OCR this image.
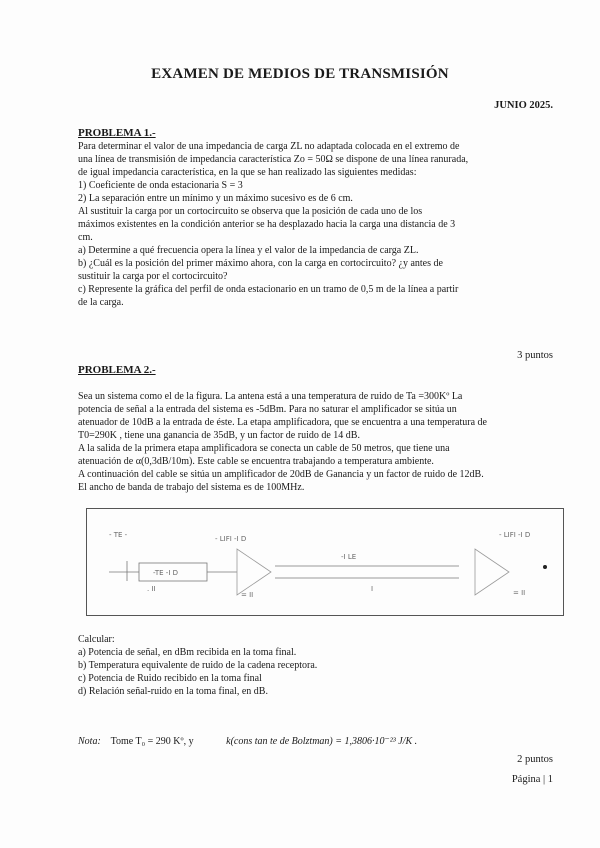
EXAMEN DE MEDIOS DE TRANSMISIÓN
JUNIO 2025.
PROBLEMA 1.-

Para determinar el valor de una impedancia de carga ZL no adaptada colocada en el extremo de

una línea de transmisión de impedancia característica Zo = 50Ω se dispone de una línea ranurada,

de igual impedancia característica, en la que se han realizado las siguientes medidas:

1) Coeficiente de onda estacionaria S = 3

2) La separación entre un mínimo y un máximo sucesivo es de 6 cm.

Al sustituir la carga por un cortocircuito se observa que la posición de cada uno de los

máximos existentes en la condición anterior se ha desplazado hacia la carga una distancia de 3

cm.

a) Determine a qué frecuencia opera la línea y el valor de la impedancia de carga ZL.

b) ¿Cuál es la posición del primer máximo ahora, con la carga en cortocircuito? ¿y antes de

sustituir la carga por el cortocircuito?

c) Represente la gráfica del perfil de onda estacionario en un tramo de 0,5 m de la línea a partir

de la carga.

3 puntos
PROBLEMA 2.-

Sea un sistema como el de la figura. La antena está a una temperatura de ruido de Ta =300Kº La

potencia de señal a la entrada del sistema es -5dBm. Para no saturar el amplificador se sitúa un

atenuador de 10dB a la entrada de éste. La etapa amplificadora, que se encuentra a una temperatura de

T0=290K , tiene una ganancia de 35dB, y un factor de ruido de 14 dB.

A la salida de la primera etapa amplificadora se conecta un cable de 50 metros, que tiene una

atenuación de α(0,3dB/10m). Este cable se encuentra trabajando a temperatura ambiente.

A continuación del cable se sitúa un amplificador de 20dB de Ganancia y un factor de ruido de 12dB.

El ancho de banda de trabajo del sistema es de 100MHz.

- TE -
-TE -I D
. II
- LIFI -I D
= II
-I LE
I
- LIFI -I D
= II

Calcular:

a) Potencia de señal, en dBm recibida en la toma final.

b) Temperatura equivalente de ruido de la cadena receptora.

c) Potencia de Ruido recibido en la toma final

d) Relación señal-ruido en la toma final, en dB.

Nota: Tome T₀ = 290 Kº, y	k(cons tan te de Bolztman) = 1,3806·10⁻²³ J/K .
2 puntos
Página | 1
